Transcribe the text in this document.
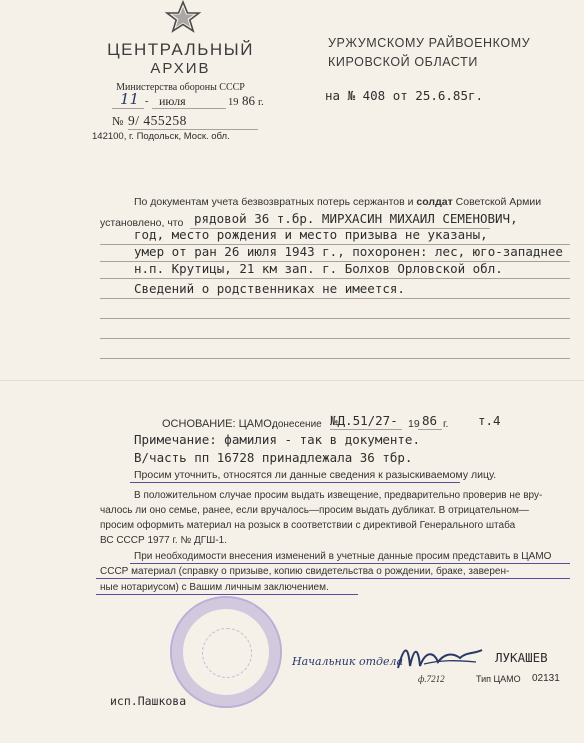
ЦЕНТРАЛЬНЫЙ
АРХИВ
Министерства обороны СССР
11 - июля	19 86 г.
№ 9/ 455258
142100, г. Подольск, Моск. обл.
УРЖУМСКОМУ РАЙВОЕНКОМУ
КИРОВСКОЙ ОБЛАСТИ
на № 408 от 25.6.85г.
По документам учета безвозвратных потерь сержантов и солдат Советской Армии
установлено, что рядовой 36 т.бр. МИРХАСИН МИХАИЛ СЕМЕНОВИЧ,
год, место рождения и место призыва не указаны,
умер от ран 26 июля 1943 г., похоронен: лес, юго-западнее
н.п. Крутицы, 21 км зап. г. Болхов Орловской обл.
Сведений о родственниках не имеется.
ОСНОВАНИЕ: ЦАМО,
донесение №Д.51/27- 19 86 г. т.4
Примечание: фамилия - так в документе.
В/часть пп 16728 принадлежала 36 тбр.
Просим уточнить, относятся ли данные сведения к разыскиваемому лицу.
В положительном случае просим выдать извещение, предварительно проверив не вру-
чалось ли оно семье, ранее, если вручалось—просим выдать дубликат. В отрицательном—
просим оформить материал на розыск в соответствии с директивой Генерального штаба
ВС СССР 1977 г. № ДГШ-1.
При необходимости внесения изменений в учетные данные просим представить в ЦАМО
СССР материал (справку о призыве, копию свидетельства о рождении, браке, заверен-
ные нотариусом) с Вашим личным заключением.
Начальник отдела	ЛУКАШЕВ
ф.7212	Тип ЦАМО 02131
исп.Пашкова
